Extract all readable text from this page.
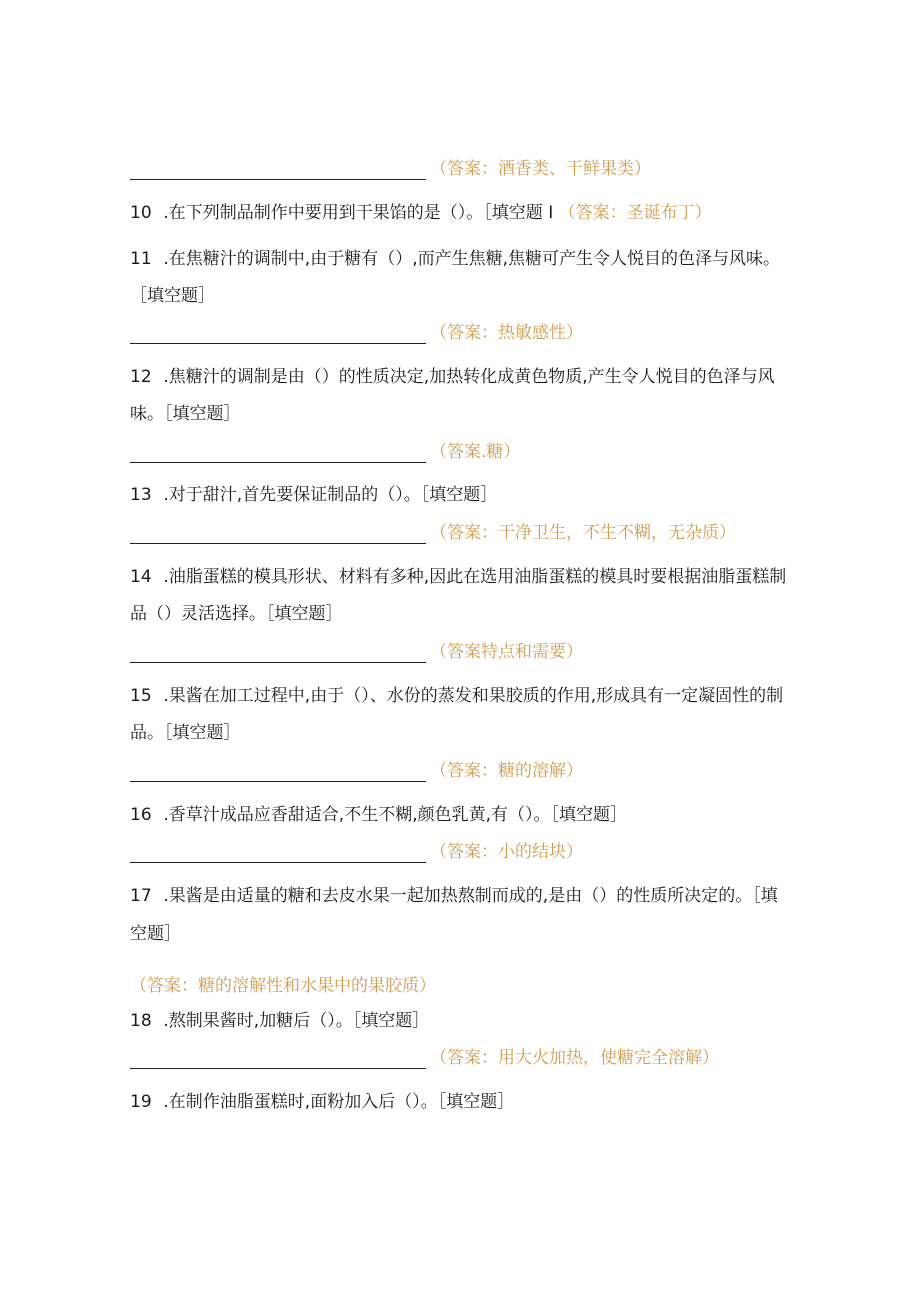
（答案：酒香类、干鲜果类）
10 .在下列制品制作中要用到干果馅的是（）。［填空题 I （答案：圣诞布丁）
11 .在焦糖汁的调制中,由于糖有（）,而产生焦糖,焦糖可产生令人悦目的色泽与风味。
［填空题］
（答案：热敏感性）
12 .焦糖汁的调制是由（）的性质决定,加热转化成黄色物质,产生令人悦目的色泽与风
味。［填空题］
（答案.糖）
13 .对于甜汁,首先要保证制品的（）。［填空题］
（答案：干净卫生，不生不糊，无杂质）
14 .油脂蛋糕的模具形状、材料有多种,因此在选用油脂蛋糕的模具时要根据油脂蛋糕制
品（）灵活选择。［填空题］
（答案特点和需要）
15 .果酱在加工过程中,由于（）、水份的蒸发和果胶质的作用,形成具有一定凝固性的制
品。［填空题］
（答案：糖的溶解）
16 .香草汁成品应香甜适合,不生不糊,颜色乳黄,有（）。［填空题］
（答案：小的结块）
17 .果酱是由适量的糖和去皮水果一起加热熬制而成的,是由（）的性质所决定的。［填
空题］
（答案：糖的溶解性和水果中的果胶质）
18 .熬制果酱时,加糖后（）。［填空题］
（答案：用大火加热，使糖完全溶解）
19 .在制作油脂蛋糕时,面粉加入后（）。［填空题］
